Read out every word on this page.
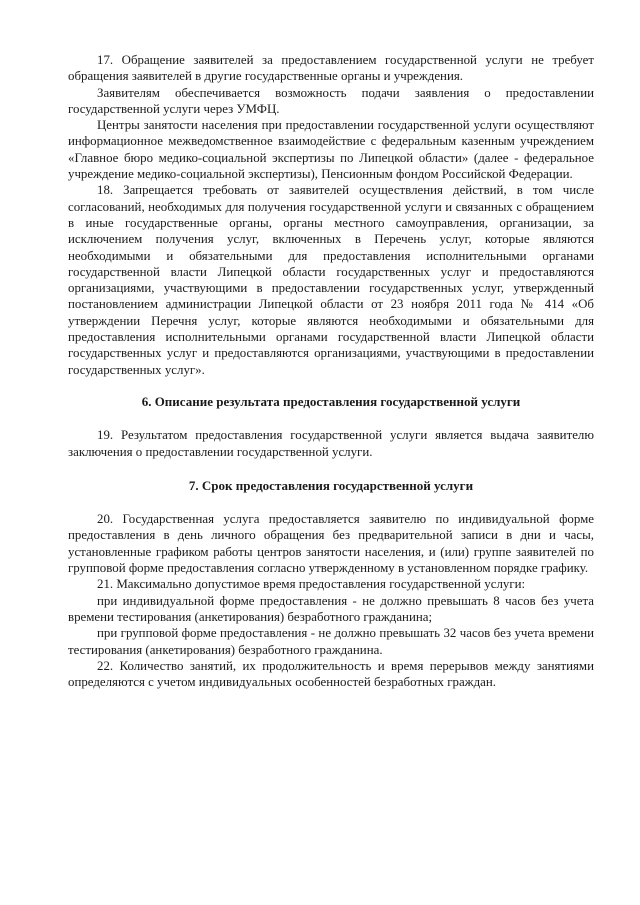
17. Обращение заявителей за предоставлением государственной услуги не требует обращения заявителей в другие государственные органы и учреждения.

Заявителям обеспечивается возможность подачи заявления о предоставлении государственной услуги через УМФЦ.

Центры занятости населения при предоставлении государственной услуги осуществляют информационное межведомственное взаимодействие с федеральным казенным учреждением «Главное бюро медико-социальной экспертизы по Липецкой области» (далее - федеральное учреждение медико-социальной экспертизы), Пенсионным фондом Российской Федерации.

18. Запрещается требовать от заявителей осуществления действий, в том числе согласований, необходимых для получения государственной услуги и связанных с обращением в иные государственные органы, органы местного самоуправления, организации, за исключением получения услуг, включенных в Перечень услуг, которые являются необходимыми и обязательными для предоставления исполнительными органами государственной власти Липецкой области государственных услуг и предоставляются организациями, участвующими в предоставлении государственных услуг, утвержденный постановлением администрации Липецкой области от 23 ноября 2011 года № 414 «Об утверждении Перечня услуг, которые являются необходимыми и обязательными для предоставления исполнительными органами государственной власти Липецкой области государственных услуг и предоставляются организациями, участвующими в предоставлении государственных услуг».

6. Описание результата предоставления государственной услуги

19. Результатом предоставления государственной услуги является выдача заявителю заключения о предоставлении государственной услуги.

7. Срок предоставления государственной услуги

20. Государственная услуга предоставляется заявителю по индивидуальной форме предоставления в день личного обращения без предварительной записи в дни и часы, установленные графиком работы центров занятости населения, и (или) группе заявителей по групповой форме предоставления согласно утвержденному в установленном порядке графику.

21. Максимально допустимое время предоставления государственной услуги:

при индивидуальной форме предоставления - не должно превышать 8 часов без учета времени тестирования (анкетирования) безработного гражданина;

при групповой форме предоставления - не должно превышать 32 часов без учета времени тестирования (анкетирования) безработного гражданина.

22. Количество занятий, их продолжительность и время перерывов между занятиями определяются с учетом индивидуальных особенностей безработных граждан.
